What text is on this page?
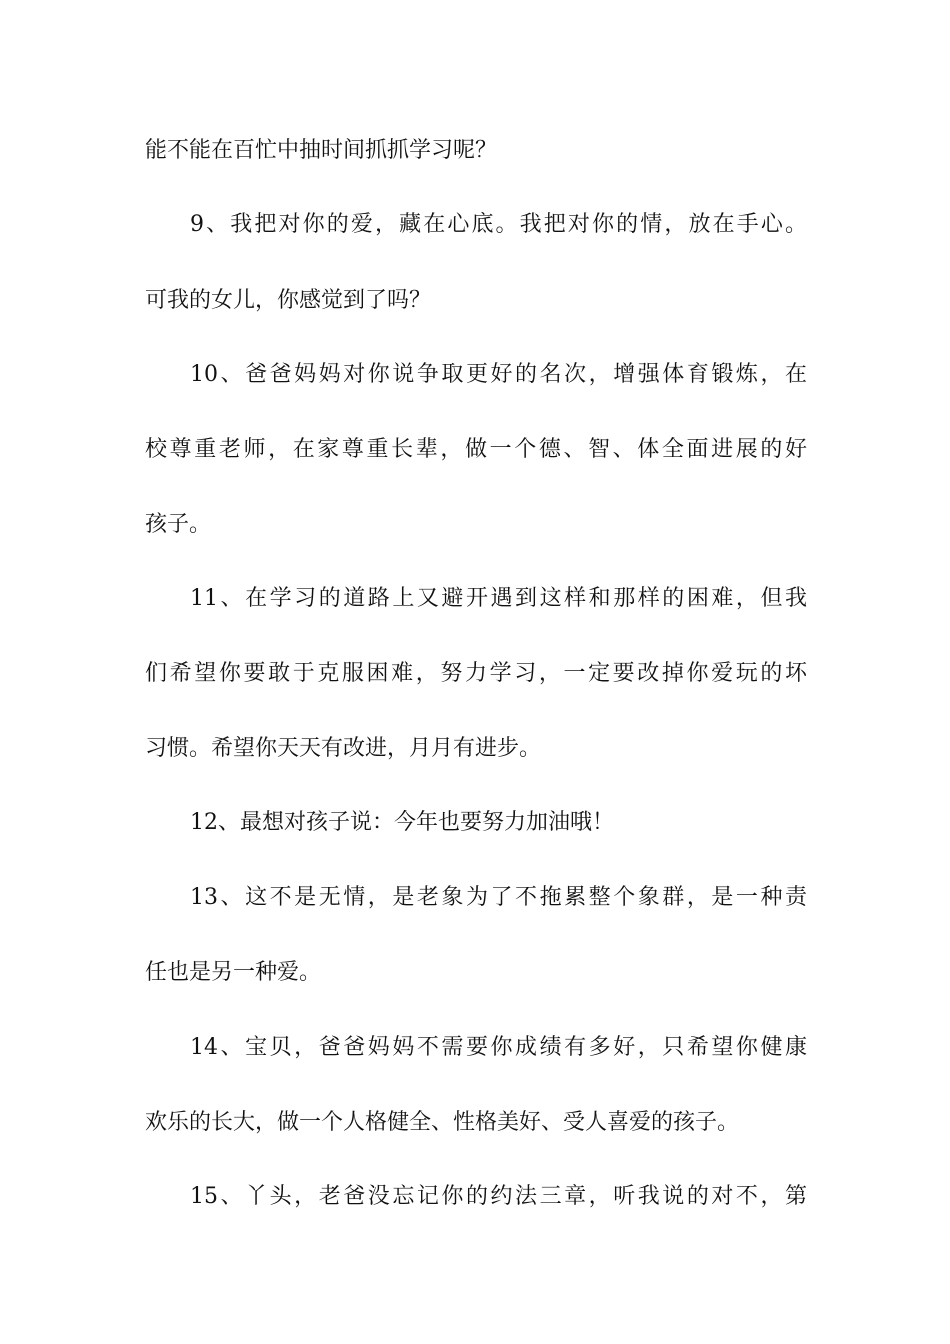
能不能在百忙中抽时间抓抓学习呢？
9、我把对你的爱，藏在心底。我把对你的情，放在手心。
可我的女儿，你感觉到了吗？
10、爸爸妈妈对你说争取更好的名次，增强体育锻炼，在
校尊重老师，在家尊重长辈，做一个德、智、体全面进展的好
孩子。
11、在学习的道路上又避开遇到这样和那样的困难，但我
们希望你要敢于克服困难，努力学习，一定要改掉你爱玩的坏
习惯。希望你天天有改进，月月有进步。
12、最想对孩子说：今年也要努力加油哦！
13、这不是无情，是老象为了不拖累整个象群，是一种责
任也是另一种爱。
14、宝贝，爸爸妈妈不需要你成绩有多好，只希望你健康
欢乐的长大，做一个人格健全、性格美好、受人喜爱的孩子。
15、丫头，老爸没忘记你的约法三章，听我说的对不，第
